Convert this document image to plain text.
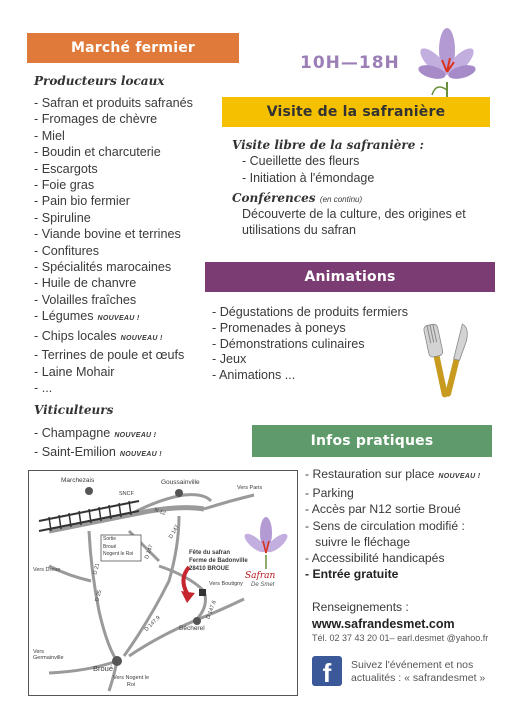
Marché fermier
Producteurs locaux
- Safran et produits safranés
- Fromages de chèvre
- Miel
- Boudin et charcuterie
- Escargots
- Foie gras
- Pain bio fermier
- Spiruline
- Viande bovine et terrines
- Confitures
- Spécialités marocaines
- Huile de chanvre
- Volailles fraîches
- Légumes NOUVEAU !
- Chips locales NOUVEAU !
- Terrines de poule et œufs
- Laine Mohair
- ...
Viticulteurs
- Champagne NOUVEAU !
- Saint-Emilion NOUVEAU !
10H—18H
Visite de la safranière
Visite libre de la safranière :
- Cueillette des fleurs
- Initiation à l'émondage
Conférences (en continu)
Découverte de la culture, des origines et
utilisations du safran
Animations
- Dégustations de produits fermiers
- Promenades à poneys
- Démonstrations culinaires
- Jeux
- Animations ...
Infos pratiques
- Restauration sur place NOUVEAU !
- Parking
- Accès par N12 sortie Broué
- Sens de circulation modifié :
suivre le fléchage
- Accessibilité handicapés
- Entrée gratuite
Renseignements :
www.safrandesmet.com
Tél. 02 37 43 20 01– earl.desmet @yahoo.fr
f	Suivez l'événement et nos
actualités : « safrandesmet »
Marchezais	Goussainville
Vers Paris
SNCF
N 12
D 147
D 147
D 21
D 25
D 147.6
D 147.9
Vers Dreux
Vers Germainville
Vers Boutigny
Broué
Bécherel
Vers Nogent le Roi
Sortie
Broué
Nogent le Roi	Fête du safran
Ferme de Badonville
28410 BROUE
Safran
De Smet
